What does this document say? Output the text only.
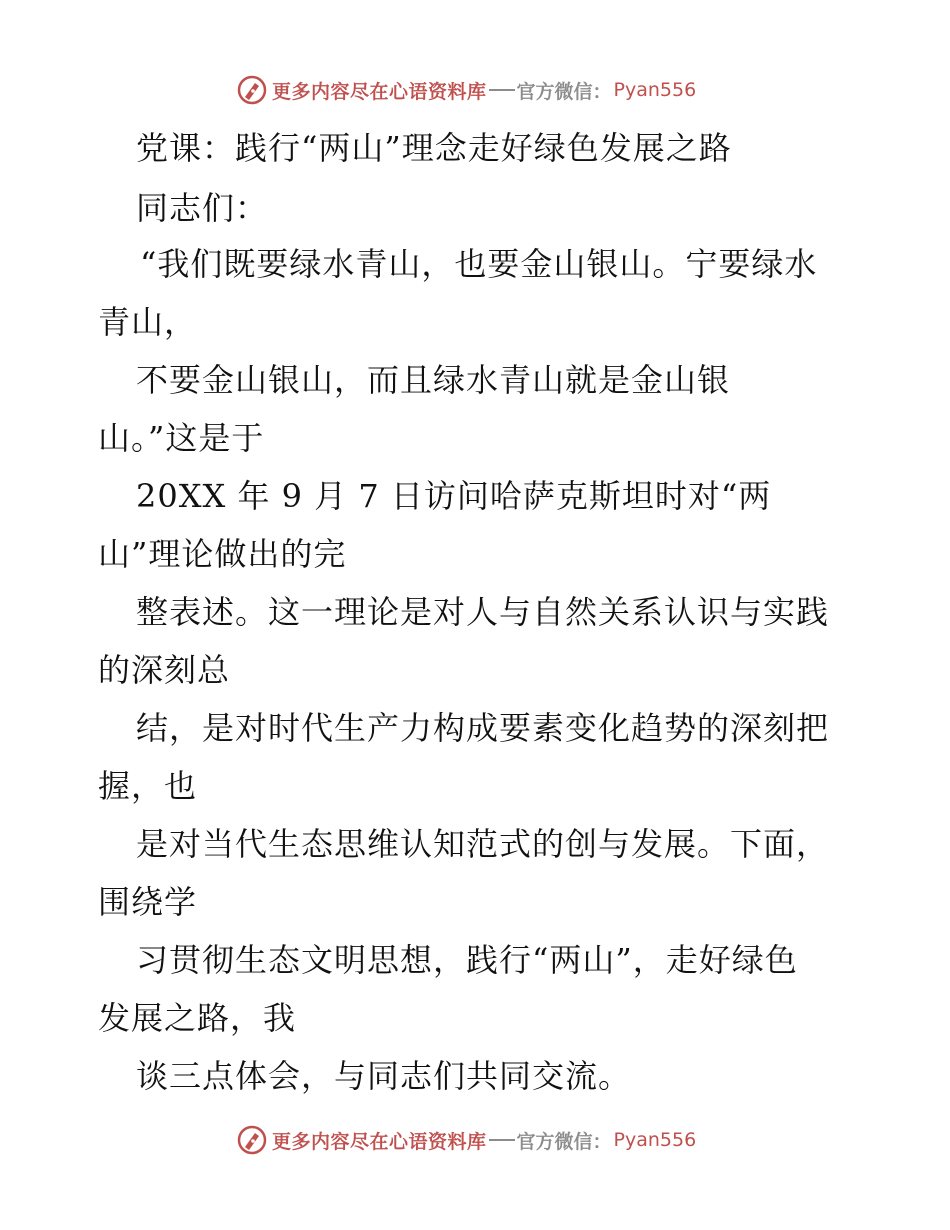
更多内容尽在心语资料库 官方微信： Pyan556
党课：践行“两山”理念走好绿色发展之路
同志们：
“我们既要绿水青山，也要金山银山。宁要绿水
青山，
不要金山银山，而且绿水青山就是金山银
山。”这是于
20XX 年 9 月 7 日访问哈萨克斯坦时对“两
山”理论做出的完
整表述。这一理论是对人与自然关系认识与实践
的深刻总
结，是对时代生产力构成要素变化趋势的深刻把
握，也
是对当代生态思维认知范式的创与发展。下面，
围绕学
习贯彻生态文明思想，践行“两山”，走好绿色
发展之路，我
谈三点体会，与同志们共同交流。
更多内容尽在心语资料库 官方微信： Pyan556
